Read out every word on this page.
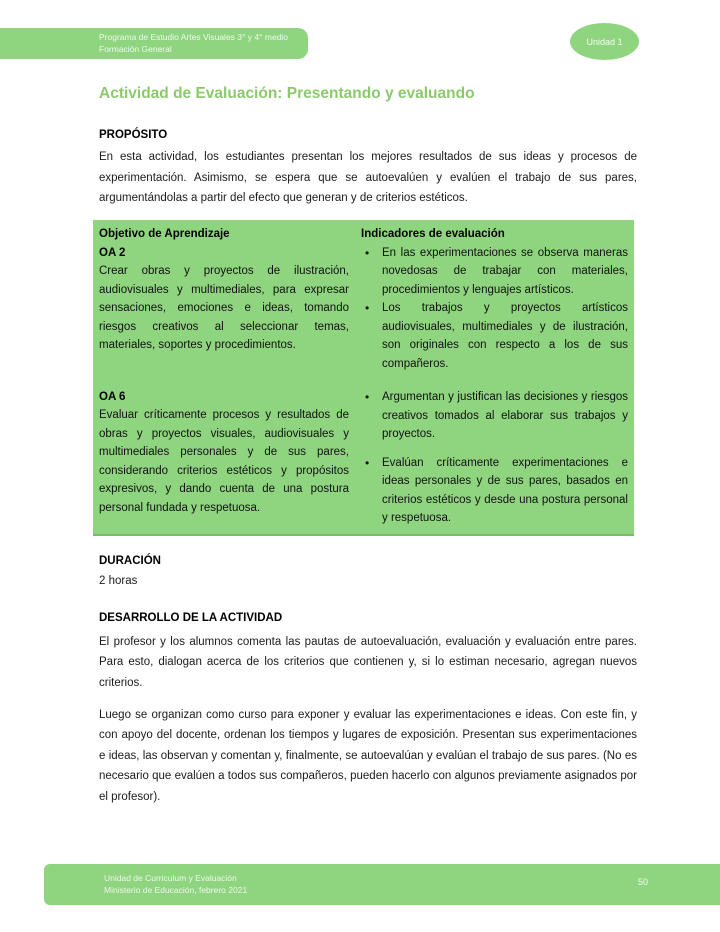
Programa de Estudio Artes Visuales 3° y 4° medio
Formación General
Unidad 1
Actividad de Evaluación: Presentando y evaluando
PROPÓSITO

En esta actividad, los estudiantes presentan los mejores resultados de sus ideas y procesos de experimentación. Asimismo, se espera que se autoevalúen y evalúen el trabajo de sus pares, argumentándolas a partir del efecto que generan y de criterios estéticos.

Objetivo de Aprendizaje
OA 2
Crear obras y proyectos de ilustración, audiovisuales y multimediales, para expresar sensaciones, emociones e ideas, tomando riesgos creativos al seleccionar temas, materiales, soportes y procedimientos.
OA 6
Evaluar críticamente procesos y resultados de obras y proyectos visuales, audiovisuales y multimediales personales y de sus pares, considerando criterios estéticos y propósitos expresivos, y dando cuenta de una postura personal fundada y respetuosa.
Indicadores de evaluación
• En las experimentaciones se observa maneras novedosas de trabajar con materiales, procedimientos y lenguajes artísticos.
• Los trabajos y proyectos artísticos audiovisuales, multimediales y de ilustración, son originales con respecto a los de sus compañeros.
• Argumentan y justifican las decisiones y riesgos creativos tomados al elaborar sus trabajos y proyectos.
• Evalúan críticamente experimentaciones e ideas personales y de sus pares, basados en criterios estéticos y desde una postura personal y respetuosa.
DURACIÓN
2 horas
DESARROLLO DE LA ACTIVIDAD

El profesor y los alumnos comenta las pautas de autoevaluación, evaluación y evaluación entre pares. Para esto, dialogan acerca de los criterios que contienen y, si lo estiman necesario, agregan nuevos criterios.

Luego se organizan como curso para exponer y evaluar las experimentaciones e ideas. Con este fin, y con apoyo del docente, ordenan los tiempos y lugares de exposición. Presentan sus experimentaciones e ideas, las observan y comentan y, finalmente, se autoevalúan y evalúan el trabajo de sus pares. (No es necesario que evalúen a todos sus compañeros, pueden hacerlo con algunos previamente asignados por el profesor).

Unidad de Curriculum y Evaluación
Ministerio de Educación, febrero 2021
50
